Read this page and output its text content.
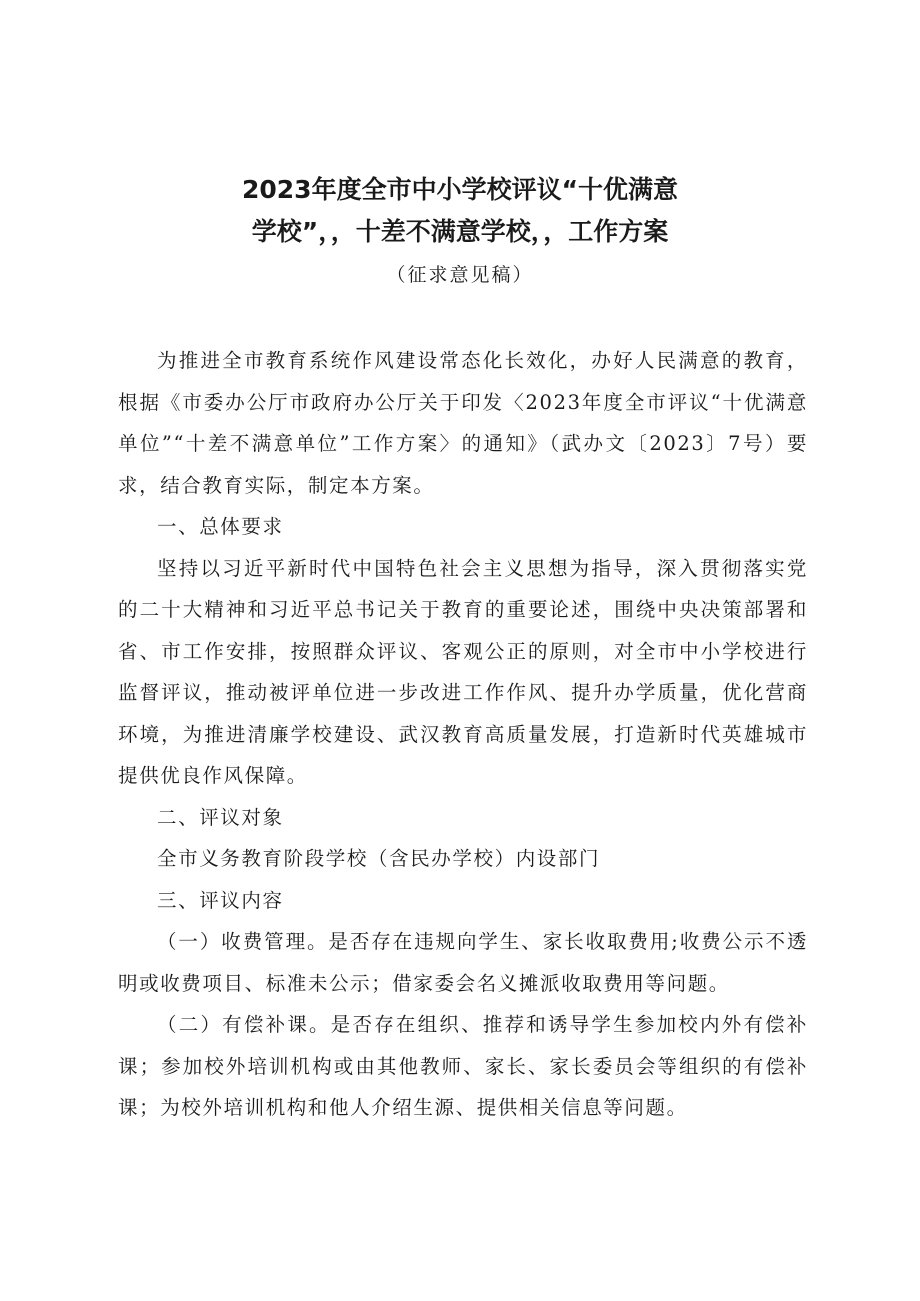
2023年度全市中小学校评议“十优满意
学校”，，十差不满意学校，，工作方案
（征求意见稿）

为推进全市教育系统作风建设常态化长效化，办好人民满意的教育，根据《市委办公厅市政府办公厅关于印发〈2023年度全市评议“十优满意单位”“十差不满意单位”工作方案〉的通知》（武办文〔2023〕7号）要求，结合教育实际，制定本方案。

一、总体要求

坚持以习近平新时代中国特色社会主义思想为指导，深入贯彻落实党的二十大精神和习近平总书记关于教育的重要论述，围绕中央决策部署和省、市工作安排，按照群众评议、客观公正的原则，对全市中小学校进行监督评议，推动被评单位进一步改进工作作风、提升办学质量，优化营商环境，为推进清廉学校建设、武汉教育高质量发展，打造新时代英雄城市提供优良作风保障。

二、评议对象

全市义务教育阶段学校（含民办学校）内设部门

三、评议内容

（一）收费管理。是否存在违规向学生、家长收取费用;收费公示不透明或收费项目、标准未公示；借家委会名义摊派收取费用等问题。

（二）有偿补课。是否存在组织、推荐和诱导学生参加校内外有偿补课；参加校外培训机构或由其他教师、家长、家长委员会等组织的有偿补课；为校外培训机构和他人介绍生源、提供相关信息等问题。
